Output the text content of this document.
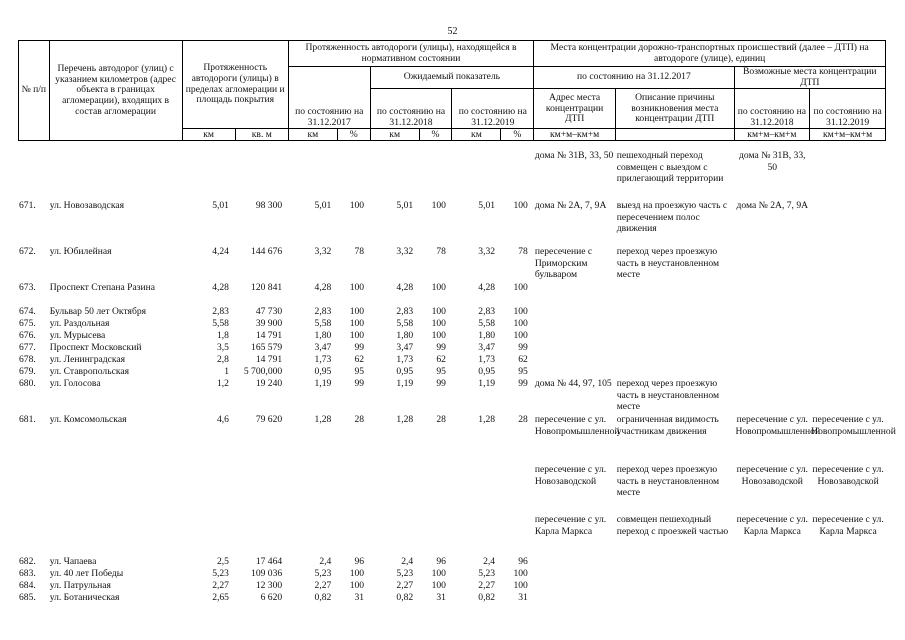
52
№ п/п	Перечень автодорог (улиц) с указанием километров (адрес объекта в границах агломерации), входящих в состав агломерации	Протяженность автодороги (улицы) в пределах агломерации и площадь покрытия		Протяженность автодороги (улицы), находящейся в нормативном состоянии						Места концентрации дорожно-транспортных происшествий (далее – ДТП) на автодороге (улице), единиц			
				по состоянию на 31.12.2017		Ожидаемый показатель				по состоянию на 31.12.2017		Возможные места концентрации ДТП	
						по состоянию на 31.12.2018		по состоянию на 31.12.2019		Адрес места концентрации ДТП	Описание причины возникновения места концентрации ДТП	по состоянию на 31.12.2018	по состоянию на 31.12.2019
		км	кв. м	км	%	км	%	км	%	км+м–км+м		км+м–км+м	км+м–км+м
										дома № 31В, 33, 50	пешеходный переход совмещен с выездом с прилегающий территории	дома № 31В, 33, 50	
671.	ул. Новозаводская	5,01	98 300	5,01	100	5,01	100	5,01	100	дома № 2А, 7, 9А	выезд на проезжую часть с пересечением полос движения	дома № 2А, 7, 9А	
672.	ул. Юбилейная	4,24	144 676	3,32	78	3,32	78	3,32	78	пересечение с Приморским бульваром	переход через проезжую часть в неустановленном месте		
673.	Проспект Степана Разина	4,28	120 841	4,28	100	4,28	100	4,28	100				
674.	Бульвар 50 лет Октября	2,83	47 730	2,83	100	2,83	100	2,83	100				
675.	ул. Раздольная	5,58	39 900	5,58	100	5,58	100	5,58	100				
676.	ул. Мурысева	1,8	14 791	1,80	100	1,80	100	1,80	100				
677.	Проспект Московский	3,5	165 579	3,47	99	3,47	99	3,47	99				
678.	ул. Ленинградская	2,8	14 791	1,73	62	1,73	62	1,73	62				
679.	ул. Ставропольская	1	5 700,000	0,95	95	0,95	95	0,95	95				
680.	ул. Голосова	1,2	19 240	1,19	99	1,19	99	1,19	99	дома № 44, 97, 105	переход через проезжую часть в неустановленном месте		
681.	ул. Комсомольская	4,6	79 620	1,28	28	1,28	28	1,28	28	пересечение с ул. Новопромышленной	ограниченная видимость участникам движения	пересечение с ул. Новопромышленной	пересечение с ул. Новопромышленной
										пересечение с ул. Новозаводской	переход через проезжую часть в неустановленном месте	пересечение с ул. Новозаводской	пересечение с ул. Новозаводской
										пересечение с ул. Карла Маркса	совмещен пешеходный переход с проезжей частью	пересечение с ул. Карла Маркса	пересечение с ул. Карла Маркса
682.	ул. Чапаева	2,5	17 464	2,4	96	2,4	96	2,4	96				
683.	ул. 40 лет Победы	5,23	109 036	5,23	100	5,23	100	5,23	100				
684.	ул. Патрульная	2,27	12 300	2,27	100	2,27	100	2,27	100				
685.	ул. Ботаническая	2,65	6 620	0,82	31	0,82	31	0,82	31				
